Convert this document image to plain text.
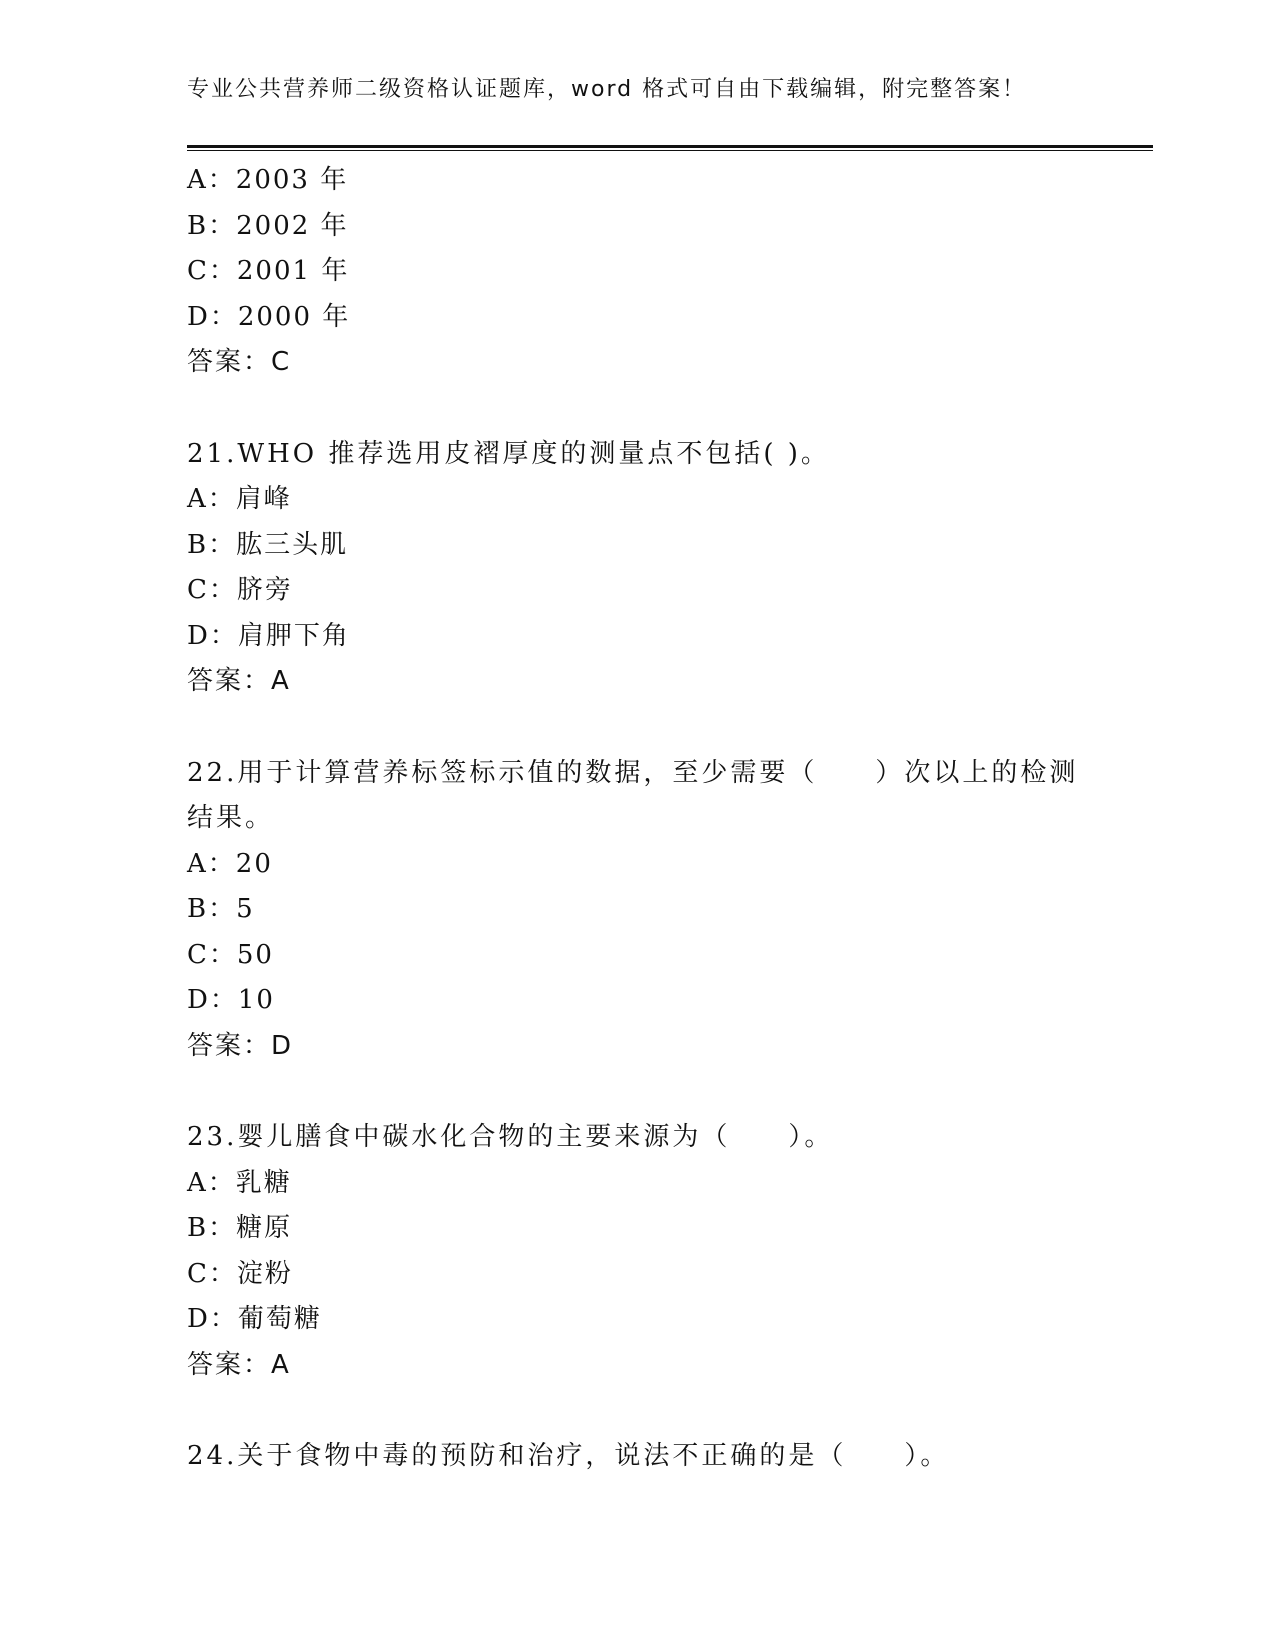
专业公共营养师二级资格认证题库，word 格式可自由下载编辑，附完整答案！
A：2003 年
B：2002 年
C：2001 年
D：2000 年
答案：C
21.WHO 推荐选用皮褶厚度的测量点不包括( )。
A：肩峰
B：肱三头肌
C：脐旁
D：肩胛下角
答案：A
22.用于计算营养标签标示值的数据，至少需要（　　）次以上的检测结果。
A：20
B：5
C：50
D：10
答案：D
23.婴儿膳食中碳水化合物的主要来源为（　　）。
A：乳糖
B：糖原
C：淀粉
D：葡萄糖
答案：A
24.关于食物中毒的预防和治疗，说法不正确的是（　　）。
